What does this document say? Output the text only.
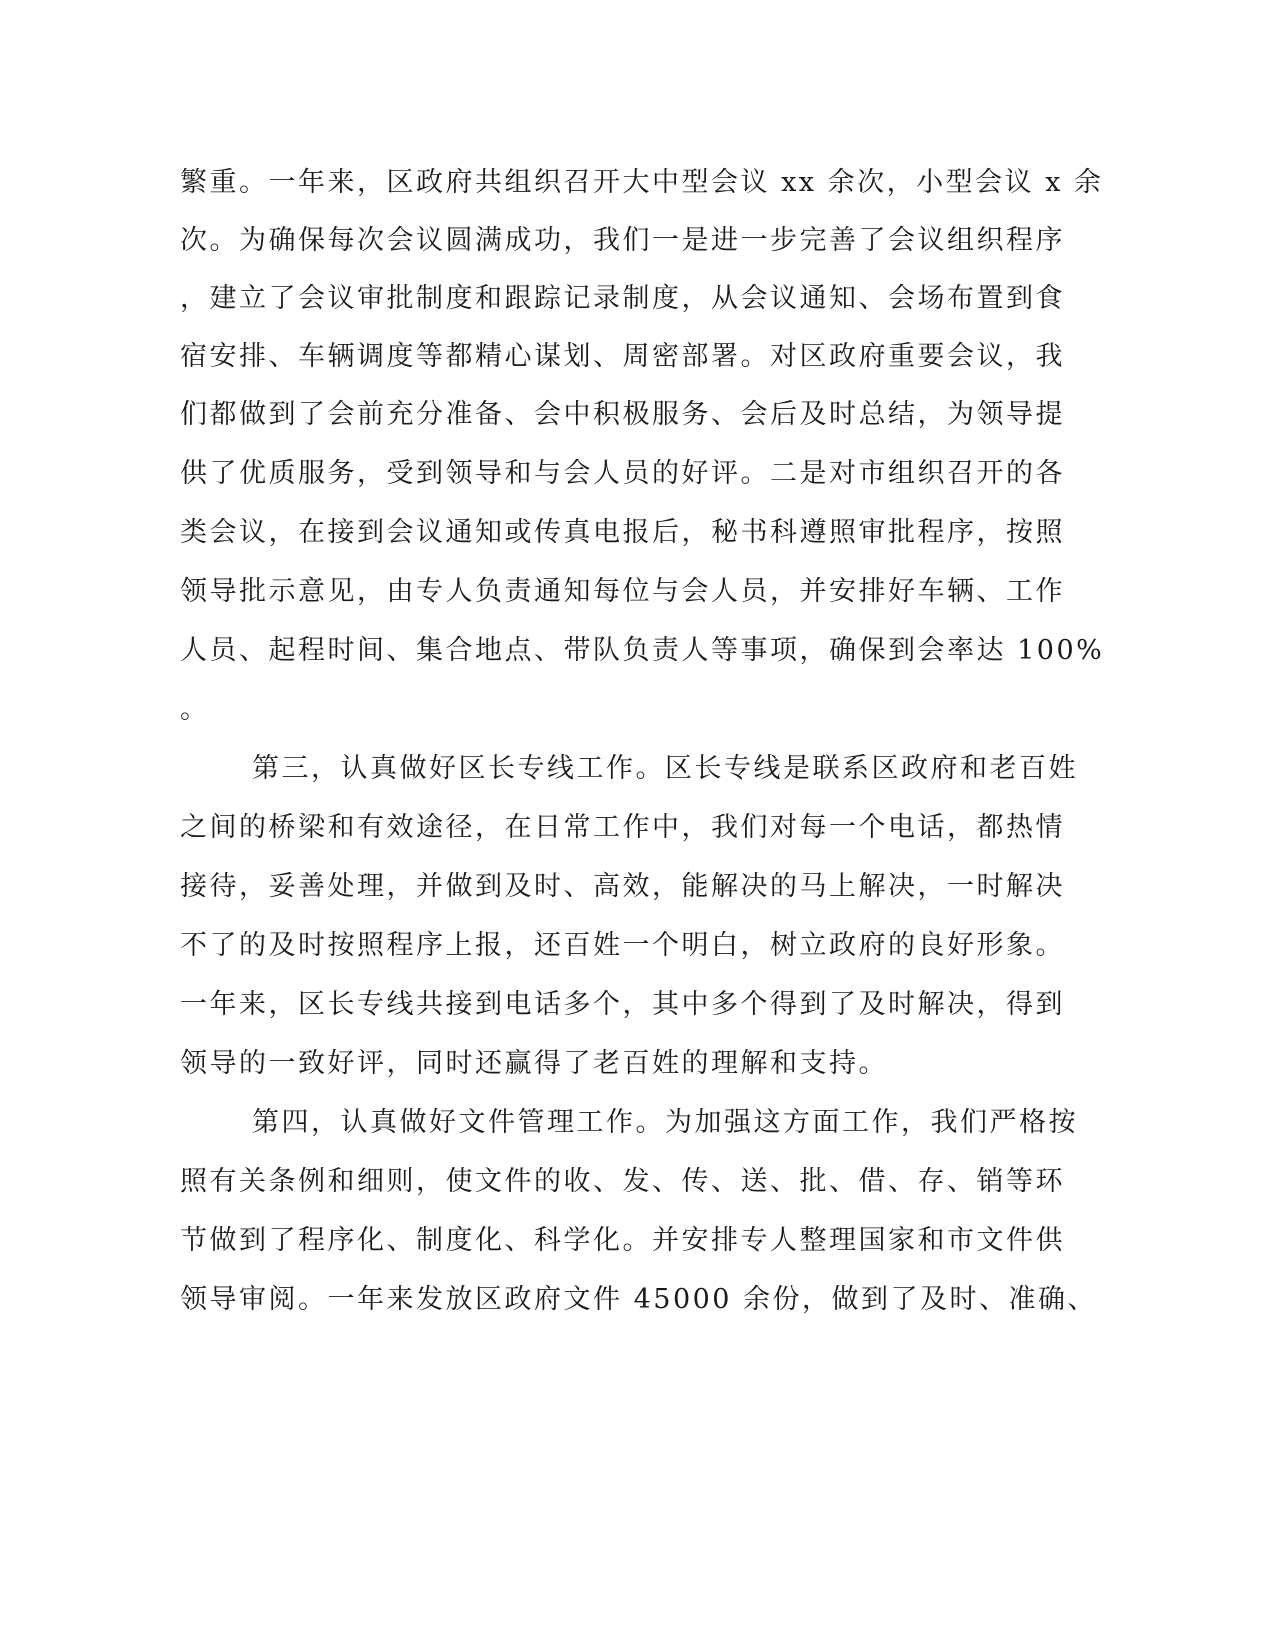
繁重。一年来，区政府共组织召开大中型会议 xx 余次，小型会议 x 余
次。为确保每次会议圆满成功，我们一是进一步完善了会议组织程序
，建立了会议审批制度和跟踪记录制度，从会议通知、会场布置到食
宿安排、车辆调度等都精心谋划、周密部署。对区政府重要会议，我
们都做到了会前充分准备、会中积极服务、会后及时总结，为领导提
供了优质服务，受到领导和与会人员的好评。二是对市组织召开的各
类会议，在接到会议通知或传真电报后，秘书科遵照审批程序，按照
领导批示意见，由专人负责通知每位与会人员，并安排好车辆、工作
人员、起程时间、集合地点、带队负责人等事项，确保到会率达 100%
。
第三，认真做好区长专线工作。区长专线是联系区政府和老百姓
之间的桥梁和有效途径，在日常工作中，我们对每一个电话，都热情
接待，妥善处理，并做到及时、高效，能解决的马上解决，一时解决
不了的及时按照程序上报，还百姓一个明白，树立政府的良好形象。
一年来，区长专线共接到电话多个，其中多个得到了及时解决，得到
领导的一致好评，同时还赢得了老百姓的理解和支持。
第四，认真做好文件管理工作。为加强这方面工作，我们严格按
照有关条例和细则，使文件的收、发、传、送、批、借、存、销等环
节做到了程序化、制度化、科学化。并安排专人整理国家和市文件供
领导审阅。一年来发放区政府文件 45000 余份，做到了及时、准确、
